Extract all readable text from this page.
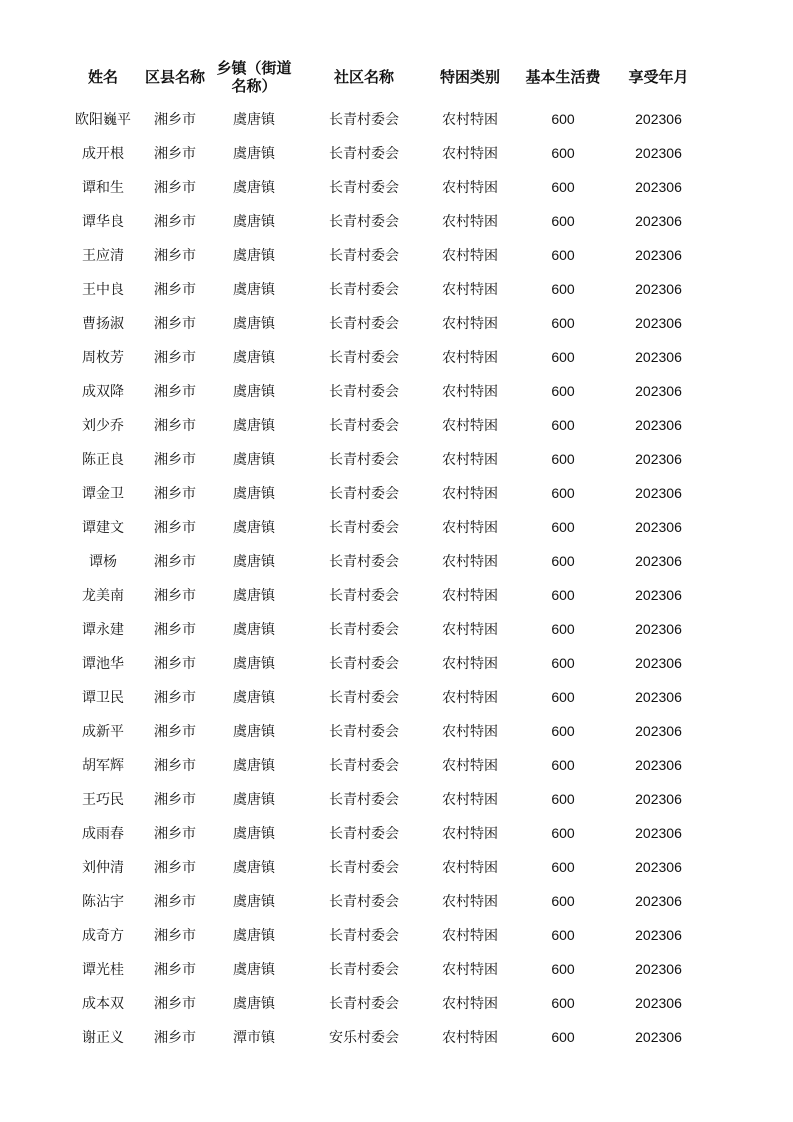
姓名	区县名称	乡镇（街道名称）	社区名称	特困类别	基本生活费	享受年月
欧阳巍平	湘乡市	虞唐镇	长青村委会	农村特困	600	202306
成开根	湘乡市	虞唐镇	长青村委会	农村特困	600	202306
谭和生	湘乡市	虞唐镇	长青村委会	农村特困	600	202306
谭华良	湘乡市	虞唐镇	长青村委会	农村特困	600	202306
王应清	湘乡市	虞唐镇	长青村委会	农村特困	600	202306
王中良	湘乡市	虞唐镇	长青村委会	农村特困	600	202306
曹扬淑	湘乡市	虞唐镇	长青村委会	农村特困	600	202306
周枚芳	湘乡市	虞唐镇	长青村委会	农村特困	600	202306
成双降	湘乡市	虞唐镇	长青村委会	农村特困	600	202306
刘少乔	湘乡市	虞唐镇	长青村委会	农村特困	600	202306
陈正良	湘乡市	虞唐镇	长青村委会	农村特困	600	202306
谭金卫	湘乡市	虞唐镇	长青村委会	农村特困	600	202306
谭建文	湘乡市	虞唐镇	长青村委会	农村特困	600	202306
谭杨	湘乡市	虞唐镇	长青村委会	农村特困	600	202306
龙美南	湘乡市	虞唐镇	长青村委会	农村特困	600	202306
谭永建	湘乡市	虞唐镇	长青村委会	农村特困	600	202306
谭池华	湘乡市	虞唐镇	长青村委会	农村特困	600	202306
谭卫民	湘乡市	虞唐镇	长青村委会	农村特困	600	202306
成新平	湘乡市	虞唐镇	长青村委会	农村特困	600	202306
胡军辉	湘乡市	虞唐镇	长青村委会	农村特困	600	202306
王巧民	湘乡市	虞唐镇	长青村委会	农村特困	600	202306
成雨春	湘乡市	虞唐镇	长青村委会	农村特困	600	202306
刘仲清	湘乡市	虞唐镇	长青村委会	农村特困	600	202306
陈沾宇	湘乡市	虞唐镇	长青村委会	农村特困	600	202306
成奇方	湘乡市	虞唐镇	长青村委会	农村特困	600	202306
谭光桂	湘乡市	虞唐镇	长青村委会	农村特困	600	202306
成本双	湘乡市	虞唐镇	长青村委会	农村特困	600	202306
谢正义	湘乡市	潭市镇	安乐村委会	农村特困	600	202306
